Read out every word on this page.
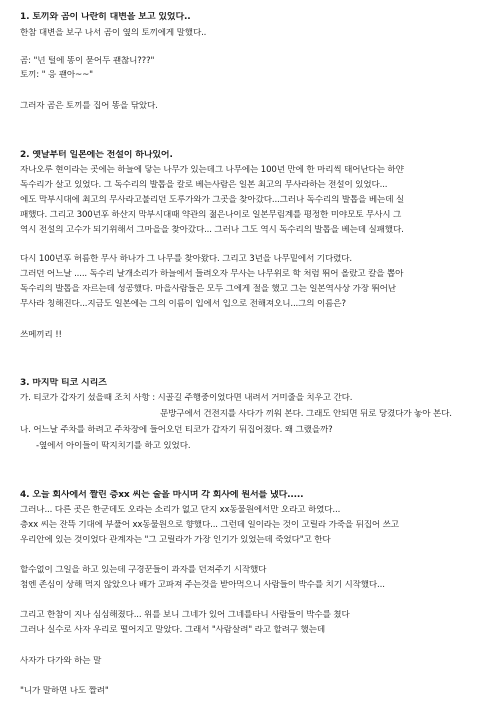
1. 토끼와 곰이 나란히 대변을 보고 있었다..
한참 대변을 보구 나서 곰이 옆의 토끼에게 말했다..
곰: "넌 털에 똥이 묻어두 괜찮니???"
토끼: " 응 괜아~~"
그러자 곰은 토끼를 집어 똥을 닦았다.
2. 옛날부터 일본에는 전설이 하나있어.
자나오루 현이라는 곳에는 하늘에 닿는 나무가 있는데그 나무에는 100년 만에 한 마리씩 태어난다는 하얀
독수리가 살고 있었다. 그 독수리의 발톱을 칼로 베는사람은 일본 최고의 무사라하는 전설이 있었다...
에도 막부시대에 최고의 무사라고불리던 도루가와가 그곳을 찾아갔다...그러나 독수리의 발톱을 베는데 실
패했다. 그리고 300년후 하산지 막부시대때 약관의 젊은나이로 일본무림계를 평정한 미야모토 무사시 그
역시 전설의 고수가 되기위해서 그마을을 찾아갔다... 그러나 그도 역시 독수리의 발톱을 베는데 실패했다.
다시 100년후 허름한 무사 하나가 그 나무를 찾아왔다. 그리고 3년을 나무밑에서 기다렸다.
그러던 어느날 ..... 독수리 날개소리가 하늘에서 들려오자 무사는 나무위로 학 처럼 뛰어 올랐고 칼을 뽑아
독수리의 발톱을 자르는데 성공했다. 마을사람들은 모두 그에게 절을 했고 그는 일본역사상 가장 뛰어난
무사라 칭해진다...지금도 일본에는 그의 이름이 입에서 입으로 전해져오니...그의 이름은?
쓰메끼리 !!
3. 마지막 티코 시리즈
가. 티코가 갑자기 섰을때 조치 사항 : 시골길 주행중이었다면 내려서 거미줄을 치우고 간다.
문방구에서 건전지를 사다가 끼워 본다. 그래도 안되면 뒤로 당겼다가 놓아 본다.
나. 어느날 주차를 하려고 주차장에 들어오던 티코가 갑자기 뒤집어졌다. 왜 그랬을까?
-옆에서 아이들이 딱지치기를 하고 있었다.
4. 오늘 회사에서 짤린 층xx 씨는 술을 마시며 각 회사에 원서를 냈다.....
그러나... 다른 곳은 한군데도 오라는 소리가 없고 단지 xx동물원에서만 오라고 하였다...
층xx 씨는 잔뜩 기대에 부풀어 xx동물원으로 향했다... 그런데 일이라는 것이 고릴라 가죽을 뒤집어 쓰고
우리안에 있는 것이었다 관계자는 "그 고릴라가 가장 인기가 있었는데 죽었다"고 한다
할수없이 그일을 하고 있는데 구경꾼들이 과자를 던져주기 시작했다
첨엔 존심이 상해 먹지 않았으나 배가 고파져 주는것을 받아먹으니 사람들이 박수를 치기 시작했다...
그리고 한참이 지나 심심해졌다... 위를 보니 그네가 있어 그네를타니 사람들이 박수를 쳤다
그러나 실수로 사자 우리로 떨어지고 말았다. 그래서 "사람살려" 라고 할려구 했는데
사자가 다가와 하는 말
"니가 말하면 나도 짤려"
